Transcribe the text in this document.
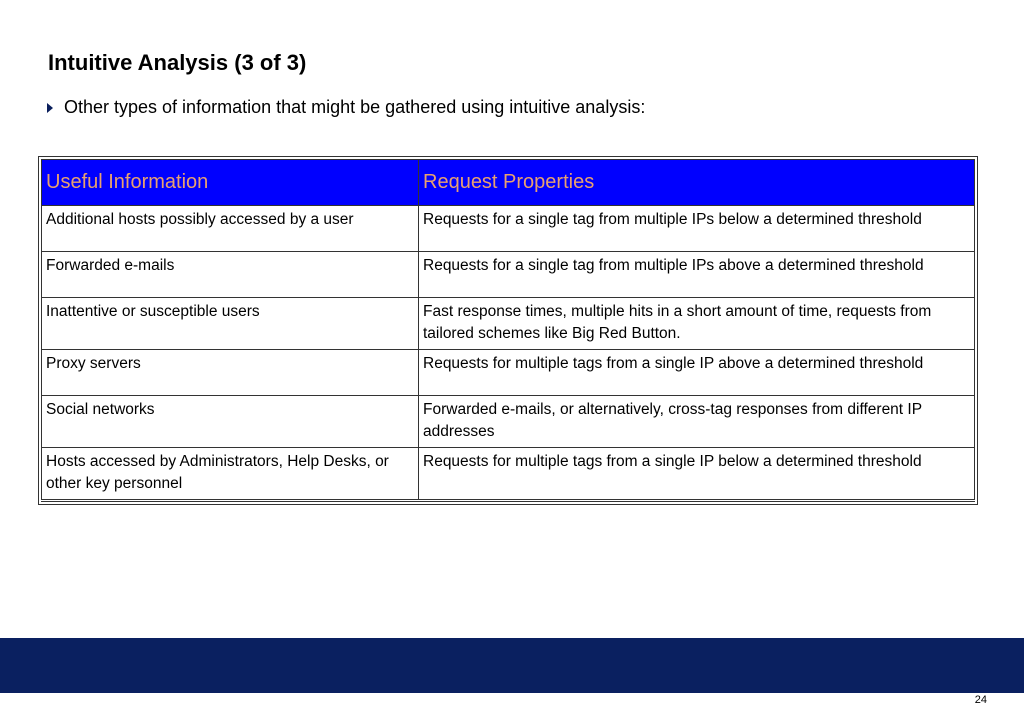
Intuitive Analysis (3 of 3)
Other types of information that might be gathered using intuitive analysis:
Useful Information	Request Properties
Additional hosts possibly accessed by a user	Requests for a single tag from multiple IPs below a determined threshold
Forwarded e-mails	Requests for a single tag from multiple IPs above a determined threshold
Inattentive or susceptible users	Fast response times, multiple hits in a short amount of time, requests from tailored schemes like Big Red Button.
Proxy servers	Requests for multiple tags from a single IP above a determined threshold
Social networks	Forwarded e-mails, or alternatively, cross-tag responses from different IP addresses
Hosts accessed by Administrators, Help Desks, or other key personnel	Requests for multiple tags from a single IP below a determined threshold
24
